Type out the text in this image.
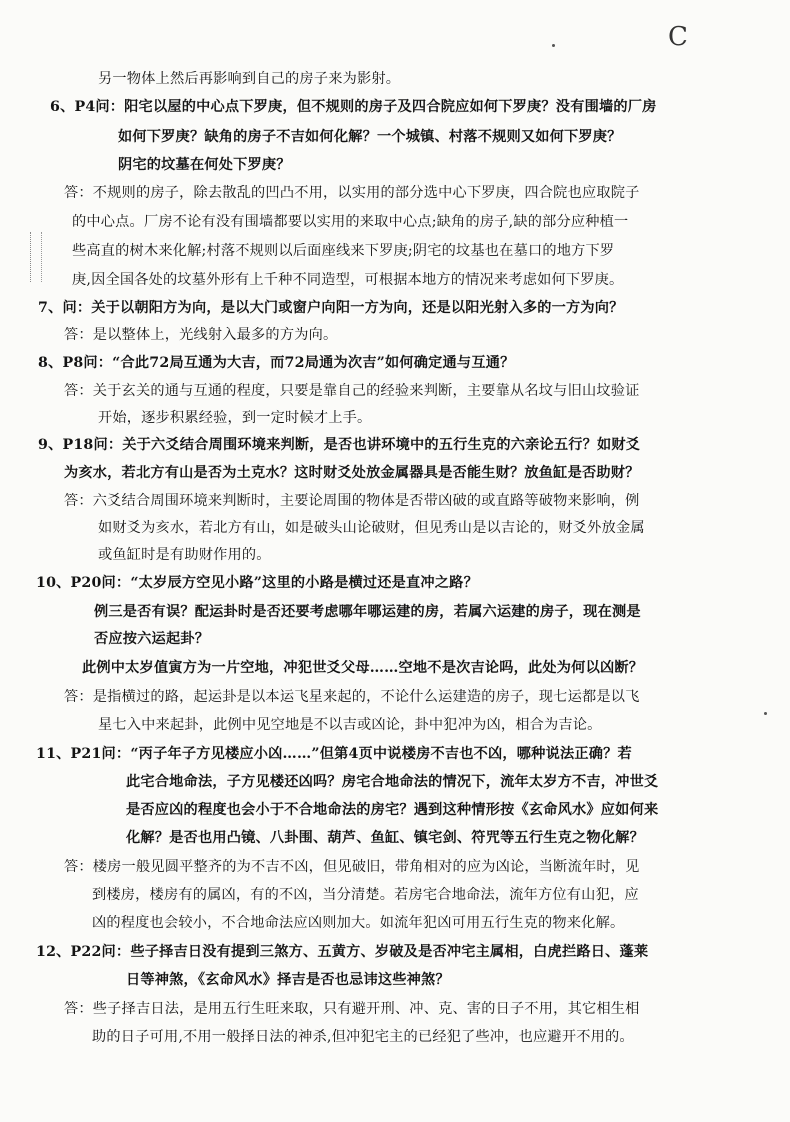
C
另一物体上然后再影响到自己的房子来为影射。
6、P4问：阳宅以屋的中心点下罗庚，但不规则的房子及四合院应如何下罗庚？没有围墙的厂房
如何下罗庚？缺角的房子不吉如何化解？一个城镇、村落不规则又如何下罗庚？
阴宅的坟墓在何处下罗庚？
答：不规则的房子，除去散乱的凹凸不用，以实用的部分选中心下罗庚，四合院也应取院子
的中心点。厂房不论有没有围墙都要以实用的来取中心点;缺角的房子,缺的部分应种植一
些高直的树木来化解;村落不规则以后面座线来下罗庚;阴宅的坟基也在墓口的地方下罗
庚,因全国各处的坟墓外形有上千种不同造型，可根据本地方的情况来考虑如何下罗庚。
7、问：关于以朝阳方为向，是以大门或窗户向阳一方为向，还是以阳光射入多的一方为向？
答：是以整体上，光线射入最多的方为向。
8、P8问：“合此72局互通为大吉，而72局通为次吉”如何确定通与互通？
答：关于玄关的通与互通的程度，只要是靠自己的经验来判断，主要靠从名坟与旧山坟验证
开始，逐步积累经验，到一定时候才上手。
9、P18问：关于六爻结合周围环境来判断，是否也讲环境中的五行生克的六亲论五行？如财爻
为亥水，若北方有山是否为土克水？这时财爻处放金属器具是否能生财？放鱼缸是否助财？
答：六爻结合周围环境来判断时，主要论周围的物体是否带凶破的或直路等破物来影响，例
如财爻为亥水，若北方有山，如是破头山论破财，但见秀山是以吉论的，财爻外放金属
或鱼缸时是有助财作用的。
10、P20问：“太岁辰方空见小路”这里的小路是横过还是直冲之路？
例三是否有误？配运卦时是否还要考虑哪年哪运建的房，若属六运建的房子，现在测是
否应按六运起卦？
此例中太岁值寅方为一片空地，冲犯世爻父母……空地不是次吉论吗，此处为何以凶断？
答：是指横过的路，起运卦是以本运飞星来起的，不论什么运建造的房子，现七运都是以飞
星七入中来起卦，此例中见空地是不以吉或凶论，卦中犯冲为凶，相合为吉论。
11、P21问：“丙子年子方见楼应小凶……”但第4页中说楼房不吉也不凶，哪种说法正确？若
此宅合地命法，子方见楼还凶吗？房宅合地命法的情况下，流年太岁方不吉，冲世爻
是否应凶的程度也会小于不合地命法的房宅？遇到这种情形按《玄命风水》应如何来
化解？是否也用凸镜、八卦围、葫芦、鱼缸、镇宅剑、符咒等五行生克之物化解？
答：楼房一般见圆平整齐的为不吉不凶，但见破旧，带角相对的应为凶论，当断流年时，见
到楼房，楼房有的属凶，有的不凶，当分清楚。若房宅合地命法，流年方位有山犯，应
凶的程度也会较小，不合地命法应凶则加大。如流年犯凶可用五行生克的物来化解。
12、P22问：些子择吉日没有提到三煞方、五黄方、岁破及是否冲宅主属相，白虎拦路日、蓬莱
日等神煞，《玄命风水》择吉是否也忌讳这些神煞？
答：些子择吉日法，是用五行生旺来取，只有避开刑、冲、克、害的日子不用，其它相生相
助的日子可用,不用一般择日法的神杀,但冲犯宅主的已经犯了些冲，也应避开不用的。
